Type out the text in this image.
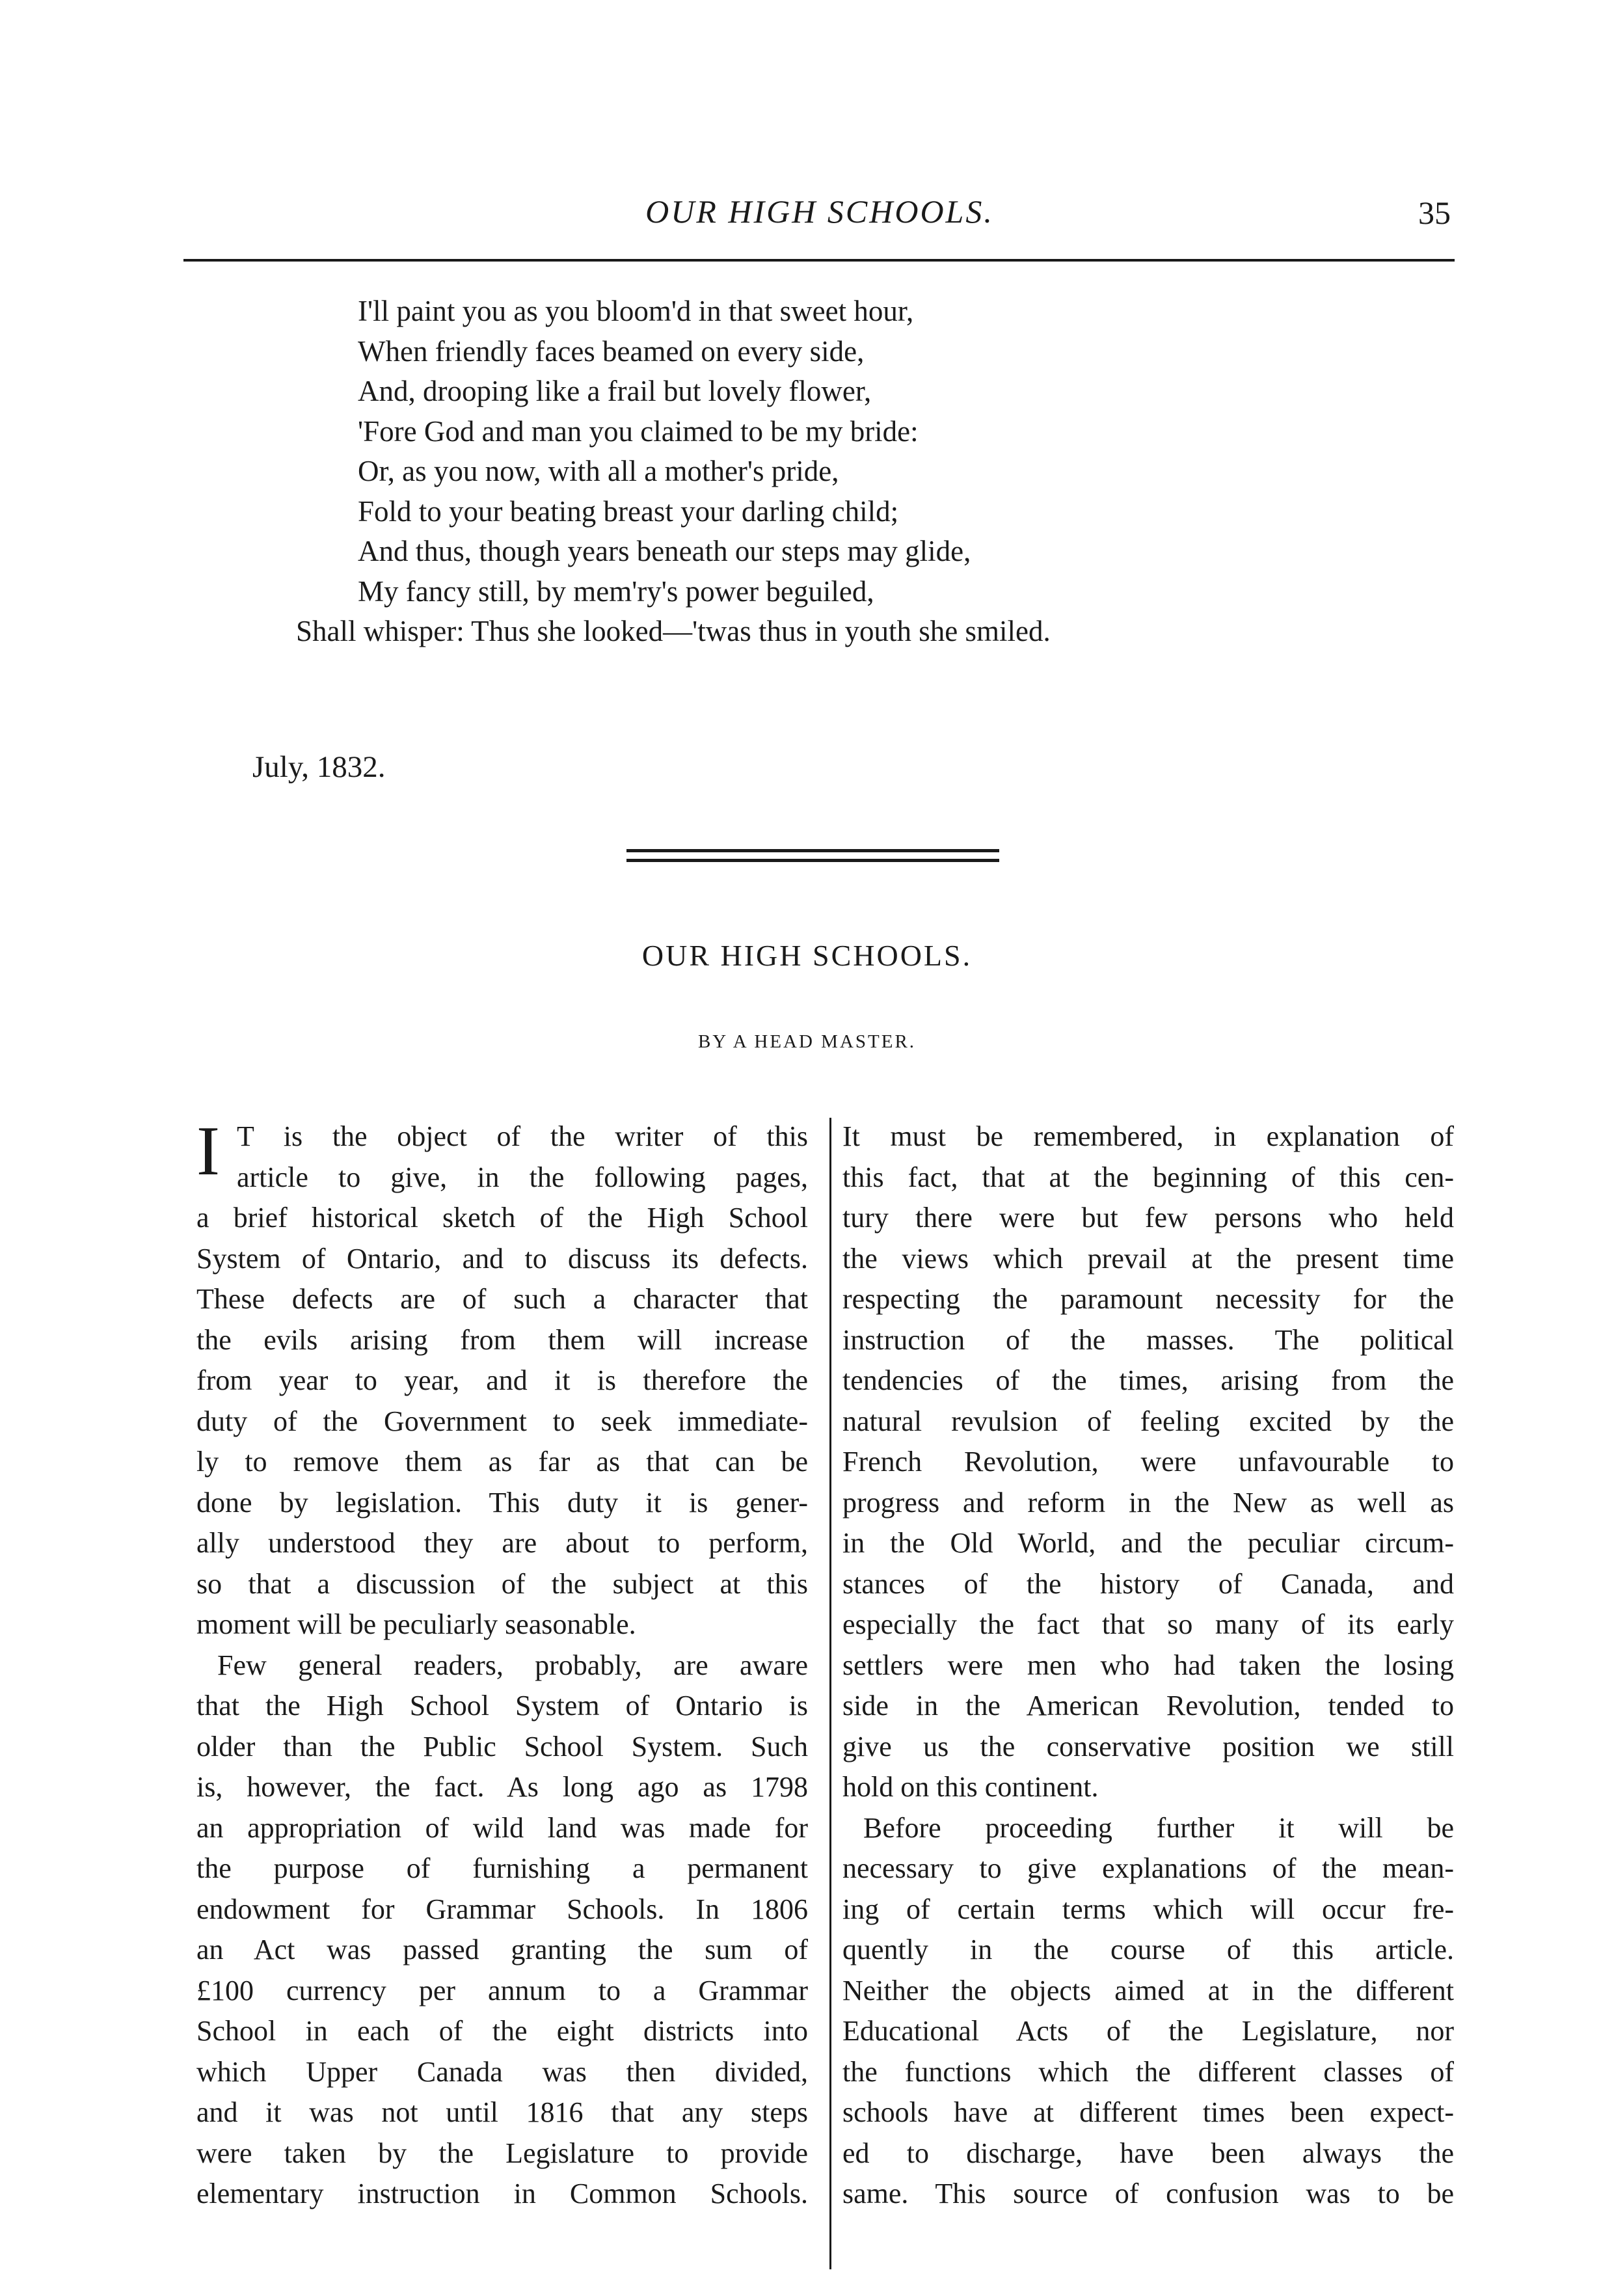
OUR HIGH SCHOOLS.	35
I'll paint you as you bloom'd in that sweet hour,
When friendly faces beamed on every side,
And, drooping like a frail but lovely flower,
'Fore God and man you claimed to be my bride:
Or, as you now, with all a mother's pride,
Fold to your beating breast your darling child;
And thus, though years beneath our steps may glide,
My fancy still, by mem'ry's power beguiled,
Shall whisper: Thus she looked—'twas thus in youth she smiled.
July, 1832.
OUR HIGH SCHOOLS.
BY A HEAD MASTER.
I T is the object of the writer of this
article to give, in the following pages,
a brief historical sketch of the High School
System of Ontario, and to discuss its defects.
These defects are of such a character that
the evils arising from them will increase
from year to year, and it is therefore the
duty of the Government to seek immediate-
ly to remove them as far as that can be
done by legislation. This duty it is gener-
ally understood they are about to perform,
so that a discussion of the subject at this
moment will be peculiarly seasonable.
Few general readers, probably, are aware
that the High School System of Ontario is
older than the Public School System. Such
is, however, the fact. As long ago as 1798
an appropriation of wild land was made for
the purpose of furnishing a permanent
endowment for Grammar Schools. In 1806
an Act was passed granting the sum of
£100 currency per annum to a Grammar
School in each of the eight districts into
which Upper Canada was then divided,
and it was not until 1816 that any steps
were taken by the Legislature to provide
elementary instruction in Common Schools.
It must be remembered, in explanation of
this fact, that at the beginning of this cen-
tury there were but few persons who held
the views which prevail at the present time
respecting the paramount necessity for the
instruction of the masses. The political
tendencies of the times, arising from the
natural revulsion of feeling excited by the
French Revolution, were unfavourable to
progress and reform in the New as well as
in the Old World, and the peculiar circum-
stances of the history of Canada, and
especially the fact that so many of its early
settlers were men who had taken the losing
side in the American Revolution, tended to
give us the conservative position we still
hold on this continent.
Before proceeding further it will be
necessary to give explanations of the mean-
ing of certain terms which will occur fre-
quently in the course of this article.
Neither the objects aimed at in the different
Educational Acts of the Legislature, nor
the functions which the different classes of
schools have at different times been expect-
ed to discharge, have been always the
same. This source of confusion was to be
